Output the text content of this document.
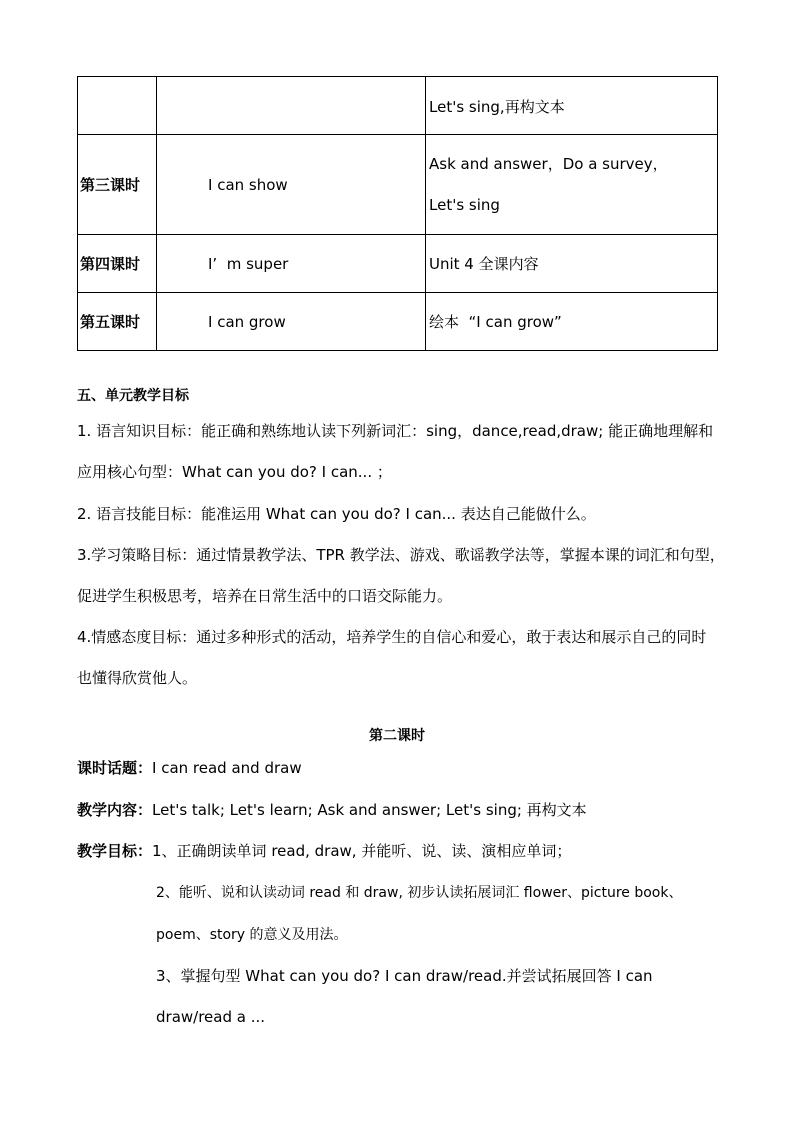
		Let's sing,再构文本
第三课时	I can show	Ask and answer，Do a survey，
Let's sing

第四课时	I’  m super	Unit 4 全课内容
第五课时	I can grow	绘本  “I can grow”
五、单元教学目标
1. 语言知识目标：能正确和熟练地认读下列新词汇：sing，dance,read,draw; 能正确地理解和
应用核心句型：What can you do? I can... ；
2. 语言技能目标：能准运用 What can you do? I can... 表达自己能做什么。
3.学习策略目标：通过情景教学法、TPR 教学法、游戏、歌谣教学法等，掌握本课的词汇和句型，
促进学生积极思考，培养在日常生活中的口语交际能力。
4.情感态度目标：通过多种形式的活动，培养学生的自信心和爱心，敢于表达和展示自己的同时
也懂得欣赏他人。
第二课时
课时话题：I can read and draw
教学内容：Let's talk; Let's learn; Ask and answer; Let's sing; 再构文本
教学目标：1、正确朗读单词 read, draw, 并能听、说、读、演相应单词；
2、能听、说和认读动词 read 和 draw, 初步认读拓展词汇 flower、picture book、
poem、story 的意义及用法。
3、掌握句型 What can you do? I can draw/read.并尝试拓展回答 I can
draw/read a ...
